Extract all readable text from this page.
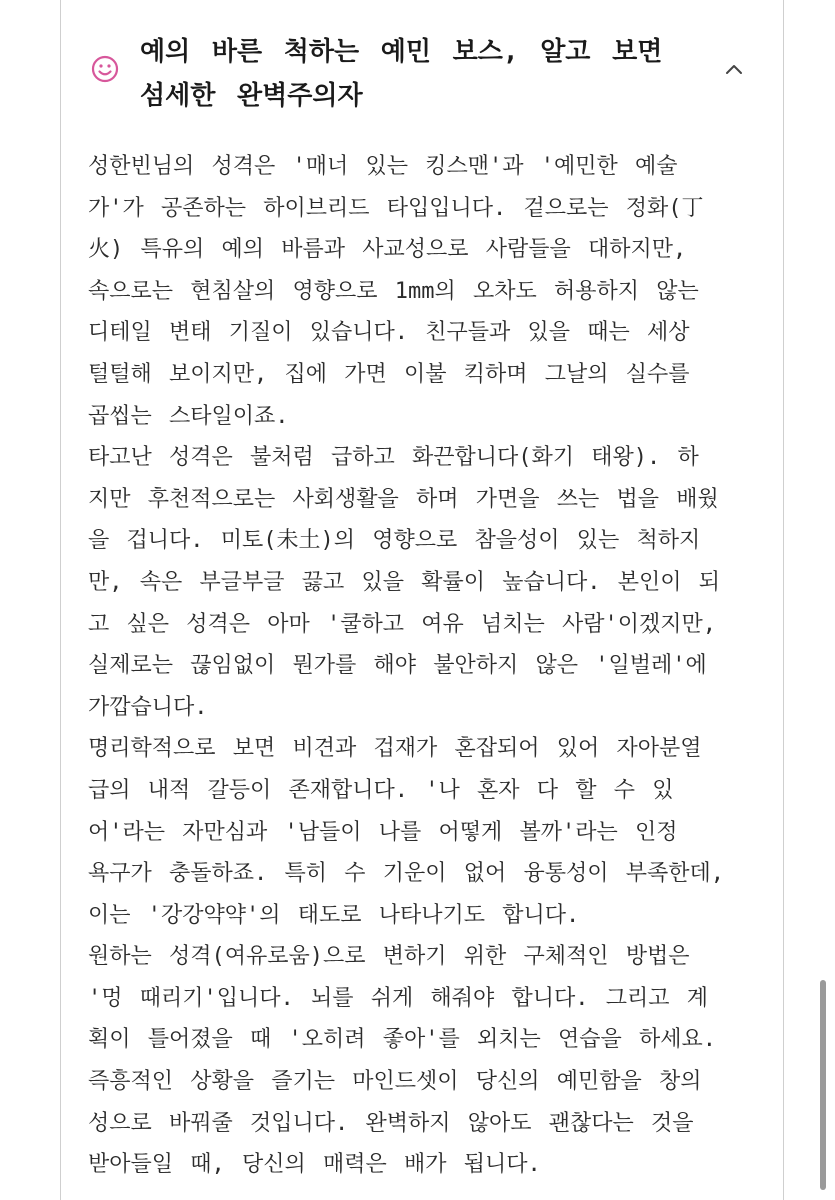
예의 바른 척하는 예민 보스, 알고 보면
섬세한 완벽주의자
성한빈님의 성격은 '매너 있는 킹스맨'과 '예민한 예술
가'가 공존하는 하이브리드 타입입니다. 겉으로는 정화(丁
火) 특유의 예의 바름과 사교성으로 사람들을 대하지만,
속으로는 현침살의 영향으로 1mm의 오차도 허용하지 않는
디테일 변태 기질이 있습니다. 친구들과 있을 때는 세상
털털해 보이지만, 집에 가면 이불 킥하며 그날의 실수를
곱씹는 스타일이죠.
타고난 성격은 불처럼 급하고 화끈합니다(화기 태왕). 하
지만 후천적으로는 사회생활을 하며 가면을 쓰는 법을 배웠
을 겁니다. 미토(未土)의 영향으로 참을성이 있는 척하지
만, 속은 부글부글 끓고 있을 확률이 높습니다. 본인이 되
고 싶은 성격은 아마 '쿨하고 여유 넘치는 사람'이겠지만,
실제로는 끊임없이 뭔가를 해야 불안하지 않은 '일벌레'에
가깝습니다.
명리학적으로 보면 비견과 겁재가 혼잡되어 있어 자아분열
급의 내적 갈등이 존재합니다. '나 혼자 다 할 수 있
어'라는 자만심과 '남들이 나를 어떻게 볼까'라는 인정
욕구가 충돌하죠. 특히 수 기운이 없어 융통성이 부족한데,
이는 '강강약약'의 태도로 나타나기도 합니다.
원하는 성격(여유로움)으로 변하기 위한 구체적인 방법은
'멍 때리기'입니다. 뇌를 쉬게 해줘야 합니다. 그리고 계
획이 틀어졌을 때 '오히려 좋아'를 외치는 연습을 하세요.
즉흥적인 상황을 즐기는 마인드셋이 당신의 예민함을 창의
성으로 바꿔줄 것입니다. 완벽하지 않아도 괜찮다는 것을
받아들일 때, 당신의 매력은 배가 됩니다.
